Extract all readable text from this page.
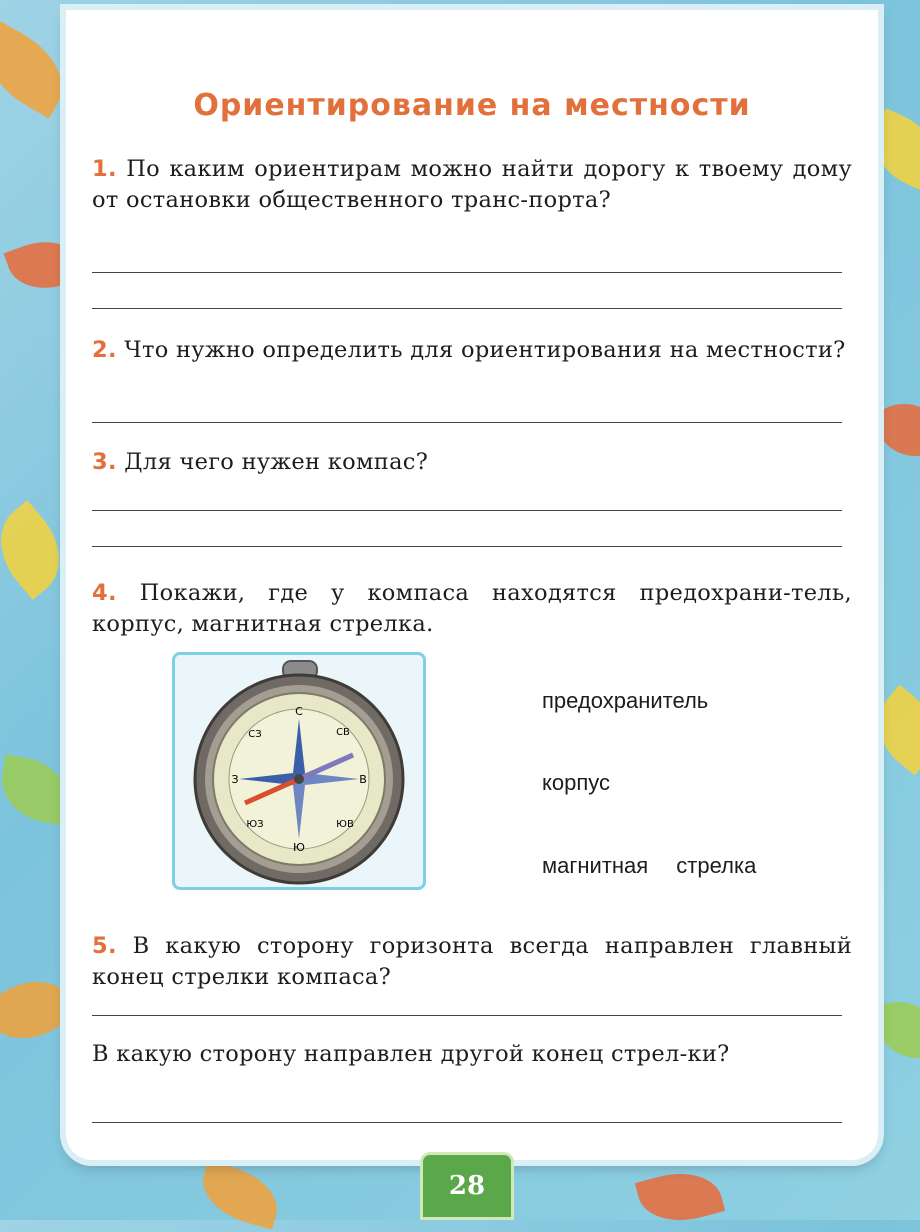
Ориентирование на местности
1. По каким ориентирам можно найти дорогу к твоему дому от остановки общественного транс-порта?
2. Что нужно определить для ориентирования на местности?
3. Для чего нужен компас?
4. Покажи, где у компаса находятся предохрани-тель, корпус, магнитная стрелка.
С
СВ
В
ЮВ
Ю
ЮЗ
З
СЗ
предохранитель
корпус
магнитная стрелка
5. В какую сторону горизонта всегда направлен главный конец стрелки компаса?
В какую сторону направлен другой конец стрел-ки?
28
